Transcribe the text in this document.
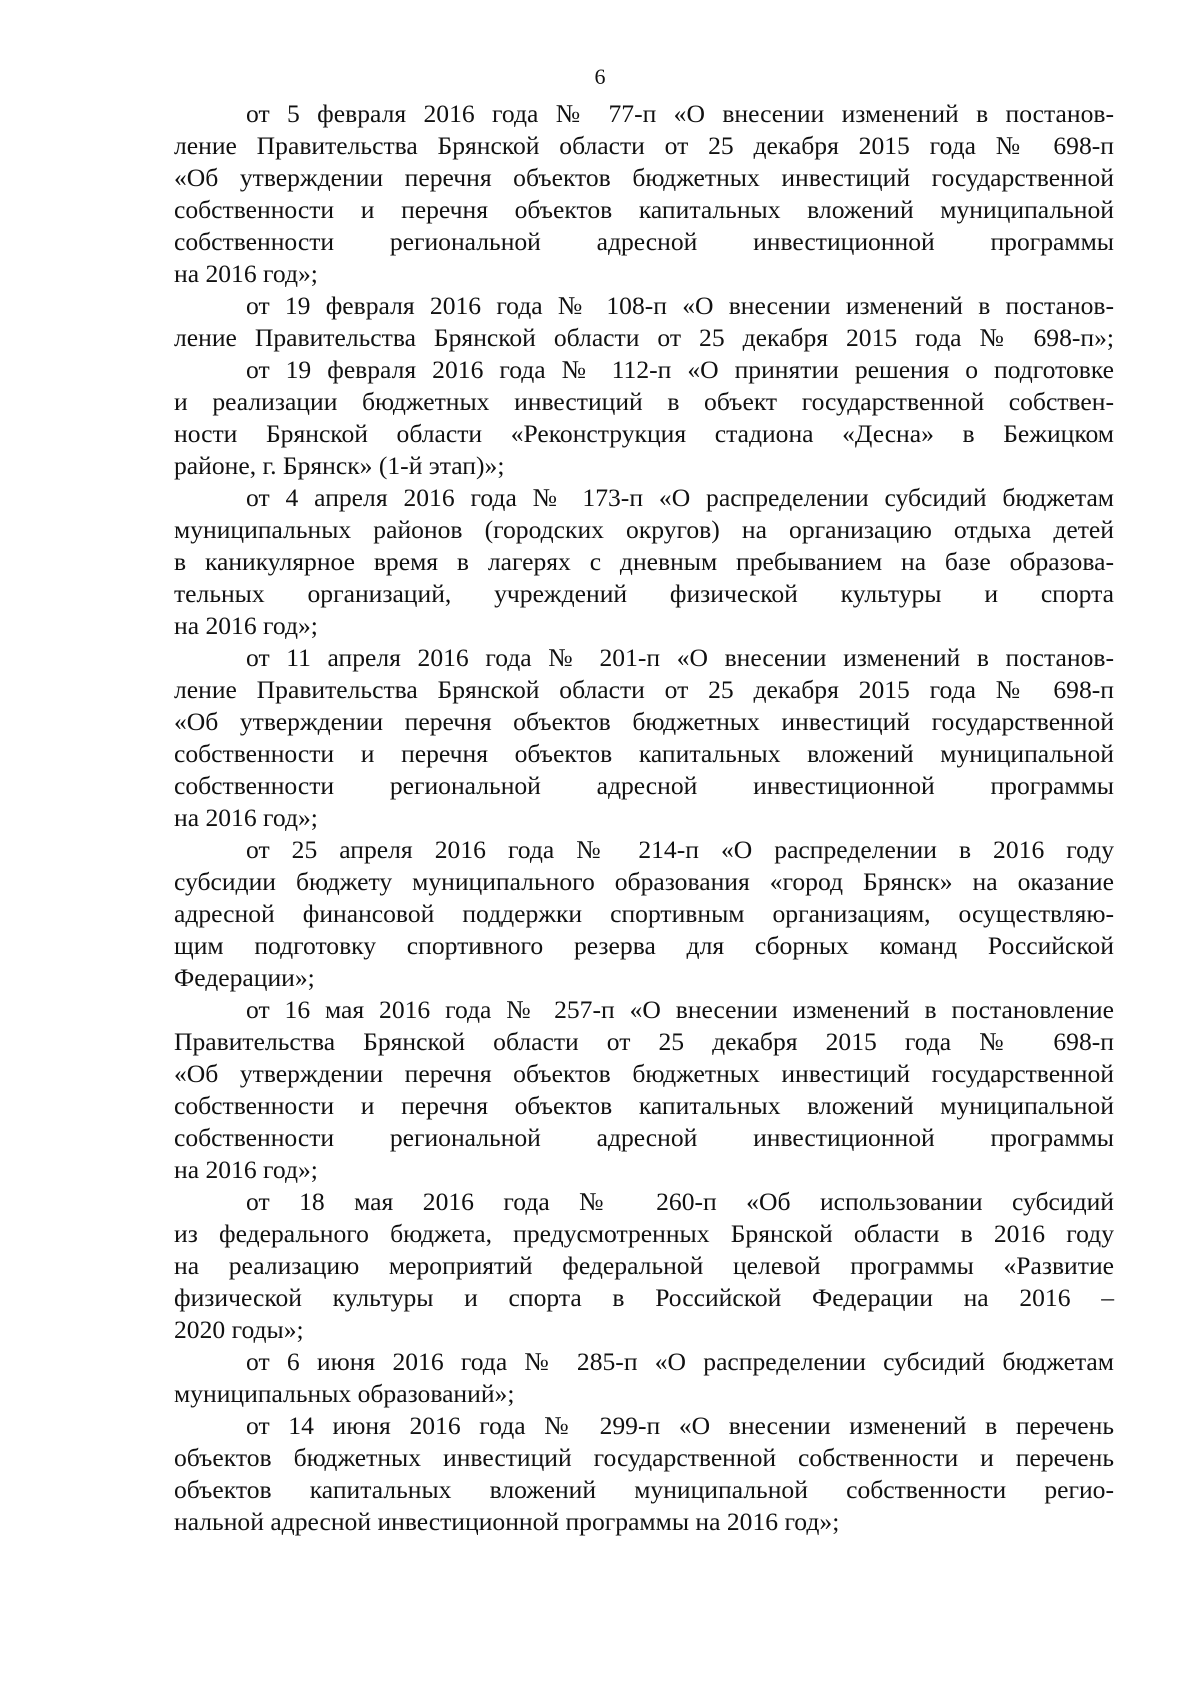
6
от 5 февраля 2016 года № 77-п «О внесении изменений в постанов-
ление Правительства Брянской области от 25 декабря 2015 года № 698-п
«Об утверждении перечня объектов бюджетных инвестиций государственной
собственности и перечня объектов капитальных вложений муниципальной
собственности региональной адресной инвестиционной программы
на 2016 год»;
от 19 февраля 2016 года № 108-п «О внесении изменений в постанов-
ление Правительства Брянской области от 25 декабря 2015 года № 698-п»;
от 19 февраля 2016 года № 112-п «О принятии решения о подготовке
и реализации бюджетных инвестиций в объект государственной собствен-
ности Брянской области «Реконструкция стадиона «Десна» в Бежицком
районе, г. Брянск» (1-й этап)»;
от 4 апреля 2016 года № 173-п «О распределении субсидий бюджетам
муниципальных районов (городских округов) на организацию отдыха детей
в каникулярное время в лагерях с дневным пребыванием на базе образова-
тельных организаций, учреждений физической культуры и спорта
на 2016 год»;
от 11 апреля 2016 года № 201-п «О внесении изменений в постанов-
ление Правительства Брянской области от 25 декабря 2015 года № 698-п
«Об утверждении перечня объектов бюджетных инвестиций государственной
собственности и перечня объектов капитальных вложений муниципальной
собственности региональной адресной инвестиционной программы
на 2016 год»;
от 25 апреля 2016 года № 214-п «О распределении в 2016 году
субсидии бюджету муниципального образования «город Брянск» на оказание
адресной финансовой поддержки спортивным организациям, осуществляю-
щим подготовку спортивного резерва для сборных команд Российской
Федерации»;
от 16 мая 2016 года № 257-п «О внесении изменений в постановление
Правительства Брянской области от 25 декабря 2015 года № 698-п
«Об утверждении перечня объектов бюджетных инвестиций государственной
собственности и перечня объектов капитальных вложений муниципальной
собственности региональной адресной инвестиционной программы
на 2016 год»;
от 18 мая 2016 года № 260-п «Об использовании субсидий
из федерального бюджета, предусмотренных Брянской области в 2016 году
на реализацию мероприятий федеральной целевой программы «Развитие
физической культуры и спорта в Российской Федерации на 2016 –
2020 годы»;
от 6 июня 2016 года № 285-п «О распределении субсидий бюджетам
муниципальных образований»;
от 14 июня 2016 года № 299-п «О внесении изменений в перечень
объектов бюджетных инвестиций государственной собственности и перечень
объектов капитальных вложений муниципальной собственности регио-
нальной адресной инвестиционной программы на 2016 год»;
